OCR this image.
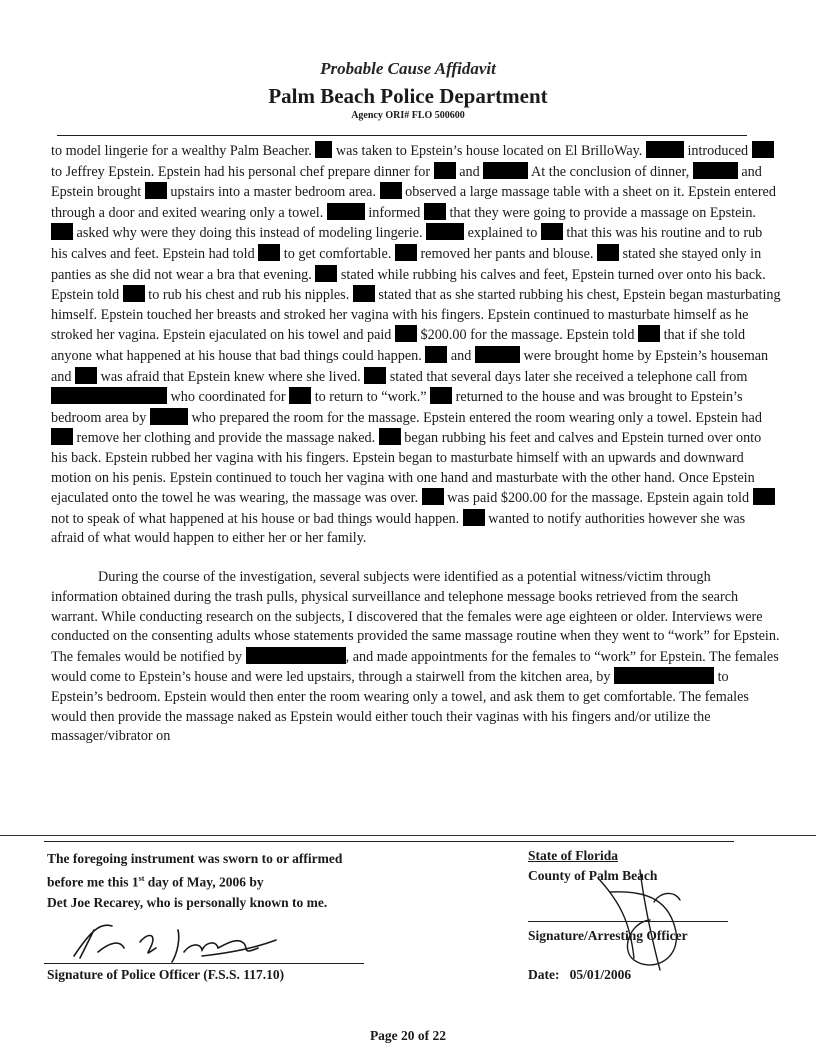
Probable Cause Affidavit
Palm Beach Police Department
Agency ORI# FLO 500600

to model lingerie for a wealthy Palm Beacher.  was taken to Epstein’s house located on El BrilloWay.	introduced  to Jeffrey Epstein. Epstein had his personal chef prepare dinner for  and	At the conclusion of dinner,	and Epstein brought  upstairs into a master bedroom area.  observed a large massage table with a sheet on it. Epstein entered through a door and exited wearing only a towel.	informed  that they were going to provide a massage on Epstein.  asked why were they doing this instead of modeling lingerie.	explained to  that this was his routine and to rub his calves and feet. Epstein had told  to get comfortable.  removed her pants and blouse.  stated she stayed only in panties as she did not wear a bra that evening.  stated while rubbing his calves and feet, Epstein turned over onto his back. Epstein told  to rub his chest and rub his nipples.  stated that as she started rubbing his chest, Epstein began masturbating himself. Epstein touched her breasts and stroked her vagina with his fingers. Epstein continued to masturbate himself as he stroked her vagina. Epstein ejaculated on his towel and paid  $200.00 for the massage. Epstein told  that if she told anyone what happened at his house that bad things could happen.  and	were brought home by Epstein’s houseman and  was afraid that Epstein knew where she lived.  stated that several days later she received a telephone call from  who coordinated for  to return to “work.”  returned to the house and was brought to Epstein’s bedroom area by	who prepared the room for the massage. Epstein entered the room wearing only a towel. Epstein had  remove her clothing and provide the massage naked.  began rubbing his feet and calves and Epstein turned over onto his back. Epstein rubbed her vagina with his fingers. Epstein began to masturbate himself with an upwards and downward motion on his penis. Epstein continued to touch her vagina with one hand and masturbate with the other hand. Once Epstein ejaculated onto the towel he was wearing, the massage was over.  was paid $200.00 for the massage. Epstein again told  not to speak of what happened at his house or bad things would happen.  wanted to notify authorities however she was afraid of what would happen to either her or her family.

During the course of the investigation, several subjects were identified as a potential witness/victim through information obtained during the trash pulls, physical surveillance and telephone message books retrieved from the search warrant. While conducting research on the subjects, I discovered that the females were age eighteen or older. Interviews were conducted on the consenting adults whose statements provided the same massage routine when they went to “work” for Epstein. The females would be notified by	, and made appointments for the females to “work” for Epstein. The females would come to Epstein’s house and were led upstairs, through a stairwell from the kitchen area, by	to Epstein’s bedroom. Epstein would then enter the room wearing only a towel, and ask them to get comfortable. The females would then provide the massage naked as Epstein would either touch their vaginas with his fingers and/or utilize the massager/vibrator on

The foregoing instrument was sworn to or affirmed
before me this 1st day of May, 2006 by
Det Joe Recarey, who is personally known to me.
State of Florida
County of Palm Beach
Signature of Police Officer (F.S.S. 117.10)
Signature/Arresting Officer
Date: 05/01/2006
Page 20 of 22
